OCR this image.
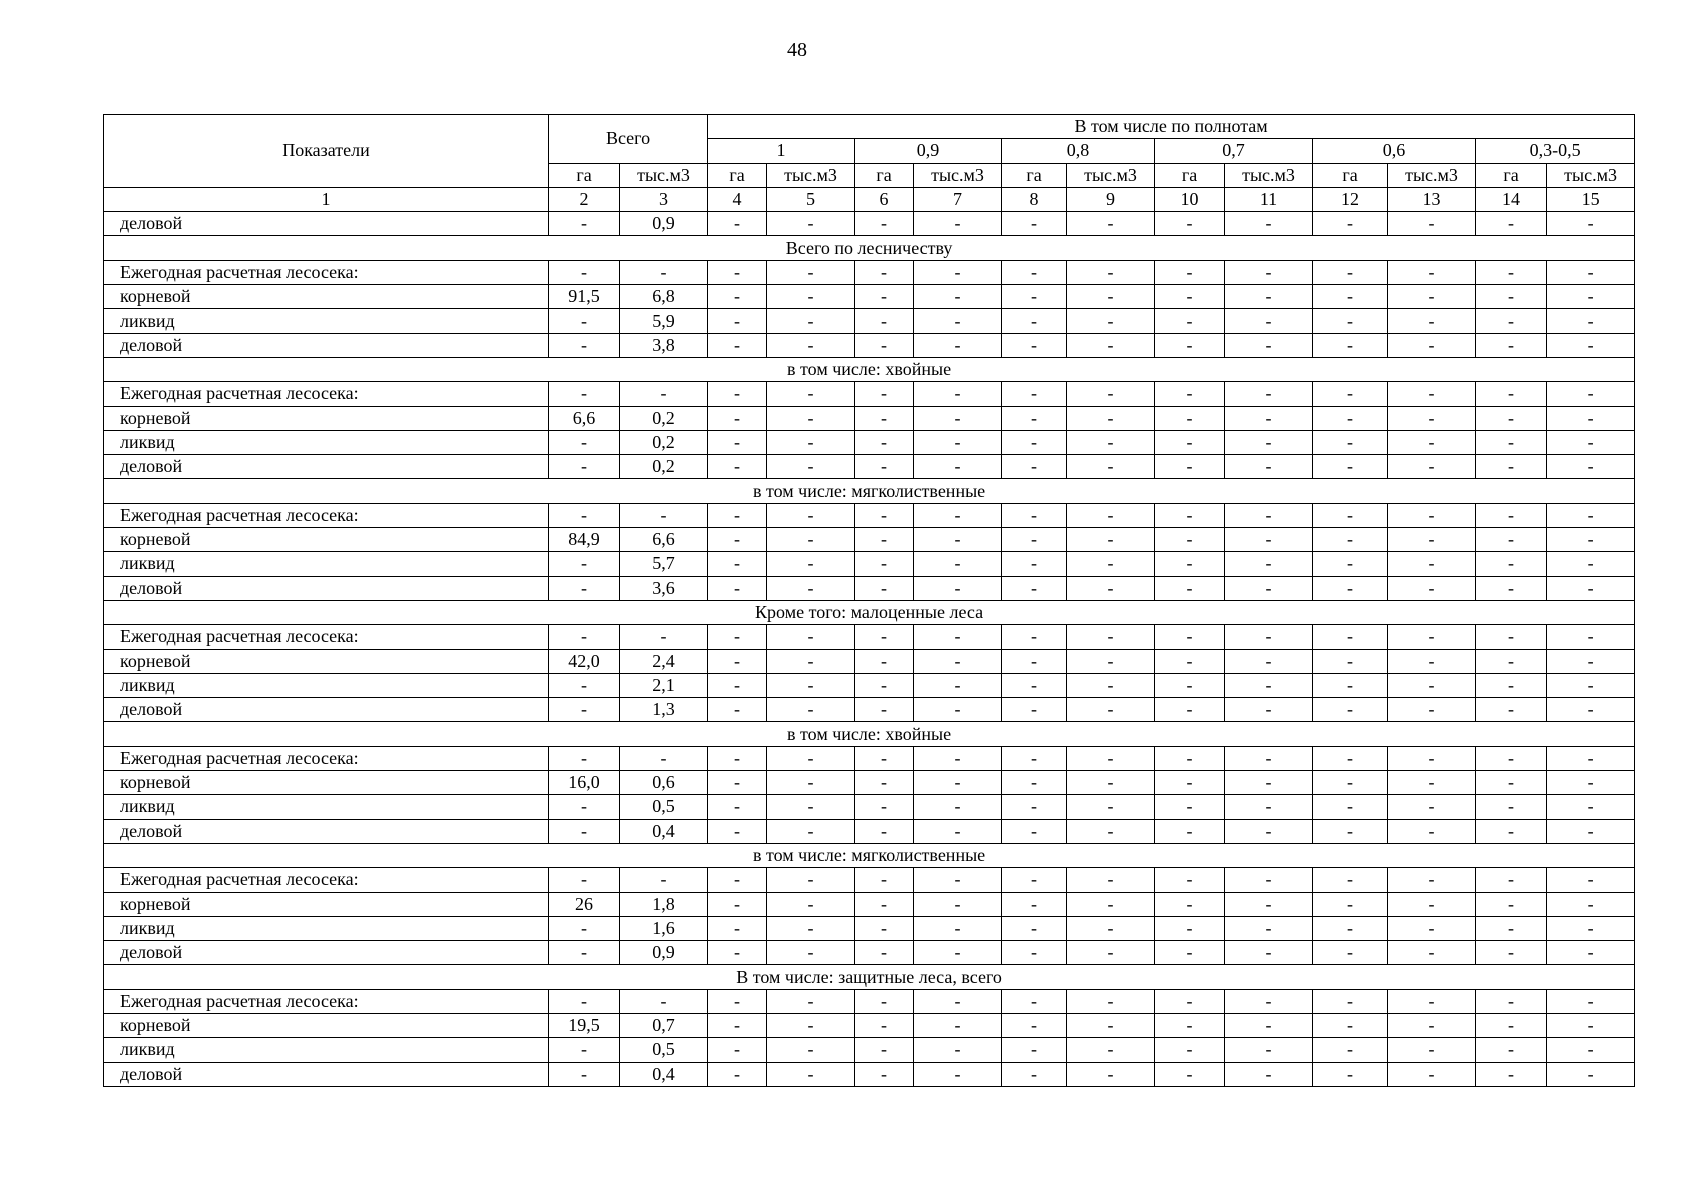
48
Показатели	Всего		В том числе по полнотам											
			1		0,9		0,8		0,7		0,6		0,3-0,5	
	га	тыс.м3	га	тыс.м3	га	тыс.м3	га	тыс.м3	га	тыс.м3	га	тыс.м3	га	тыс.м3
1	2	3	4	5	6	7	8	9	10	11	12	13	14	15
деловой	-	0,9	-	-	-	-	-	-	-	-	-	-	-	-
Всего по лесничеству														
Ежегодная расчетная лесосека:	-	-	-	-	-	-	-	-	-	-	-	-	-	-
корневой	91,5	6,8	-	-	-	-	-	-	-	-	-	-	-	-
ликвид	-	5,9	-	-	-	-	-	-	-	-	-	-	-	-
деловой	-	3,8	-	-	-	-	-	-	-	-	-	-	-	-
в том числе: хвойные														
Ежегодная расчетная лесосека:	-	-	-	-	-	-	-	-	-	-	-	-	-	-
корневой	6,6	0,2	-	-	-	-	-	-	-	-	-	-	-	-
ликвид	-	0,2	-	-	-	-	-	-	-	-	-	-	-	-
деловой	-	0,2	-	-	-	-	-	-	-	-	-	-	-	-
в том числе: мягколиственные														
Ежегодная расчетная лесосека:	-	-	-	-	-	-	-	-	-	-	-	-	-	-
корневой	84,9	6,6	-	-	-	-	-	-	-	-	-	-	-	-
ликвид	-	5,7	-	-	-	-	-	-	-	-	-	-	-	-
деловой	-	3,6	-	-	-	-	-	-	-	-	-	-	-	-
Кроме того: малоценные леса														
Ежегодная расчетная лесосека:	-	-	-	-	-	-	-	-	-	-	-	-	-	-
корневой	42,0	2,4	-	-	-	-	-	-	-	-	-	-	-	-
ликвид	-	2,1	-	-	-	-	-	-	-	-	-	-	-	-
деловой	-	1,3	-	-	-	-	-	-	-	-	-	-	-	-
в том числе: хвойные														
Ежегодная расчетная лесосека:	-	-	-	-	-	-	-	-	-	-	-	-	-	-
корневой	16,0	0,6	-	-	-	-	-	-	-	-	-	-	-	-
ликвид	-	0,5	-	-	-	-	-	-	-	-	-	-	-	-
деловой	-	0,4	-	-	-	-	-	-	-	-	-	-	-	-
в том числе: мягколиственные														
Ежегодная расчетная лесосека:	-	-	-	-	-	-	-	-	-	-	-	-	-	-
корневой	26	1,8	-	-	-	-	-	-	-	-	-	-	-	-
ликвид	-	1,6	-	-	-	-	-	-	-	-	-	-	-	-
деловой	-	0,9	-	-	-	-	-	-	-	-	-	-	-	-
В том числе: защитные леса, всего														
Ежегодная расчетная лесосека:	-	-	-	-	-	-	-	-	-	-	-	-	-	-
корневой	19,5	0,7	-	-	-	-	-	-	-	-	-	-	-	-
ликвид	-	0,5	-	-	-	-	-	-	-	-	-	-	-	-
деловой	-	0,4	-	-	-	-	-	-	-	-	-	-	-	-
